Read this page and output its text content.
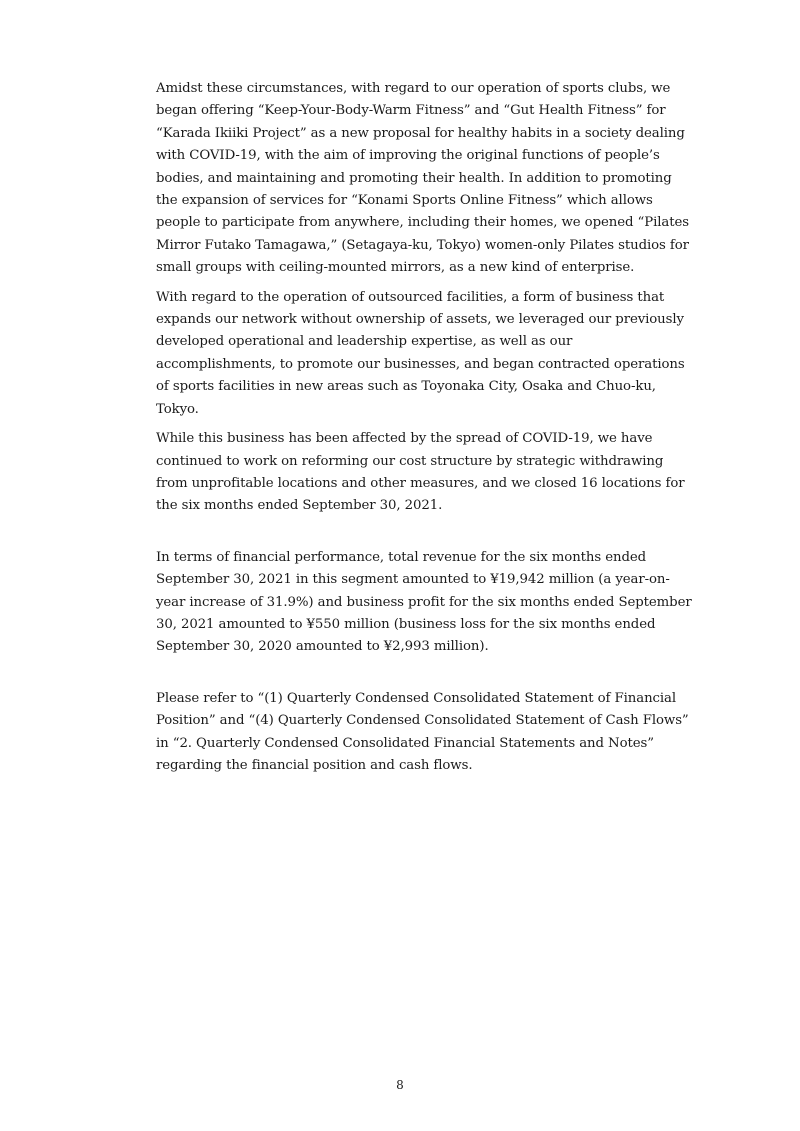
Amidst these circumstances, with regard to our operation of sports clubs, we began offering “Keep-Your-Body-Warm Fitness” and “Gut Health Fitness” for “Karada Ikiiki Project” as a new proposal for healthy habits in a society dealing with COVID-19, with the aim of improving the original functions of people’s bodies, and maintaining and promoting their health. In addition to promoting the expansion of services for “Konami Sports Online Fitness” which allows people to participate from anywhere, including their homes, we opened “Pilates Mirror Futako Tamagawa,” (Setagaya-ku, Tokyo) women-only Pilates studios for small groups with ceiling-mounted mirrors, as a new kind of enterprise.

With regard to the operation of outsourced facilities, a form of business that expands our network without ownership of assets, we leveraged our previously developed operational and leadership expertise, as well as our accomplishments, to promote our businesses, and began contracted operations of sports facilities in new areas such as Toyonaka City, Osaka and Chuo-ku, Tokyo.

While this business has been affected by the spread of COVID-19, we have continued to work on reforming our cost structure by strategic withdrawing from unprofitable locations and other measures, and we closed 16 locations for the six months ended September 30, 2021.

In terms of financial performance, total revenue for the six months ended September 30, 2021 in this segment amounted to ¥19,942 million (a year-on-year increase of 31.9%) and business profit for the six months ended September 30, 2021 amounted to ¥550 million (business loss for the six months ended September 30, 2020 amounted to ¥2,993 million).

Please refer to “(1) Quarterly Condensed Consolidated Statement of Financial Position” and “(4) Quarterly Condensed Consolidated Statement of Cash Flows” in “2. Quarterly Condensed Consolidated Financial Statements and Notes” regarding the financial position and cash flows.

8
